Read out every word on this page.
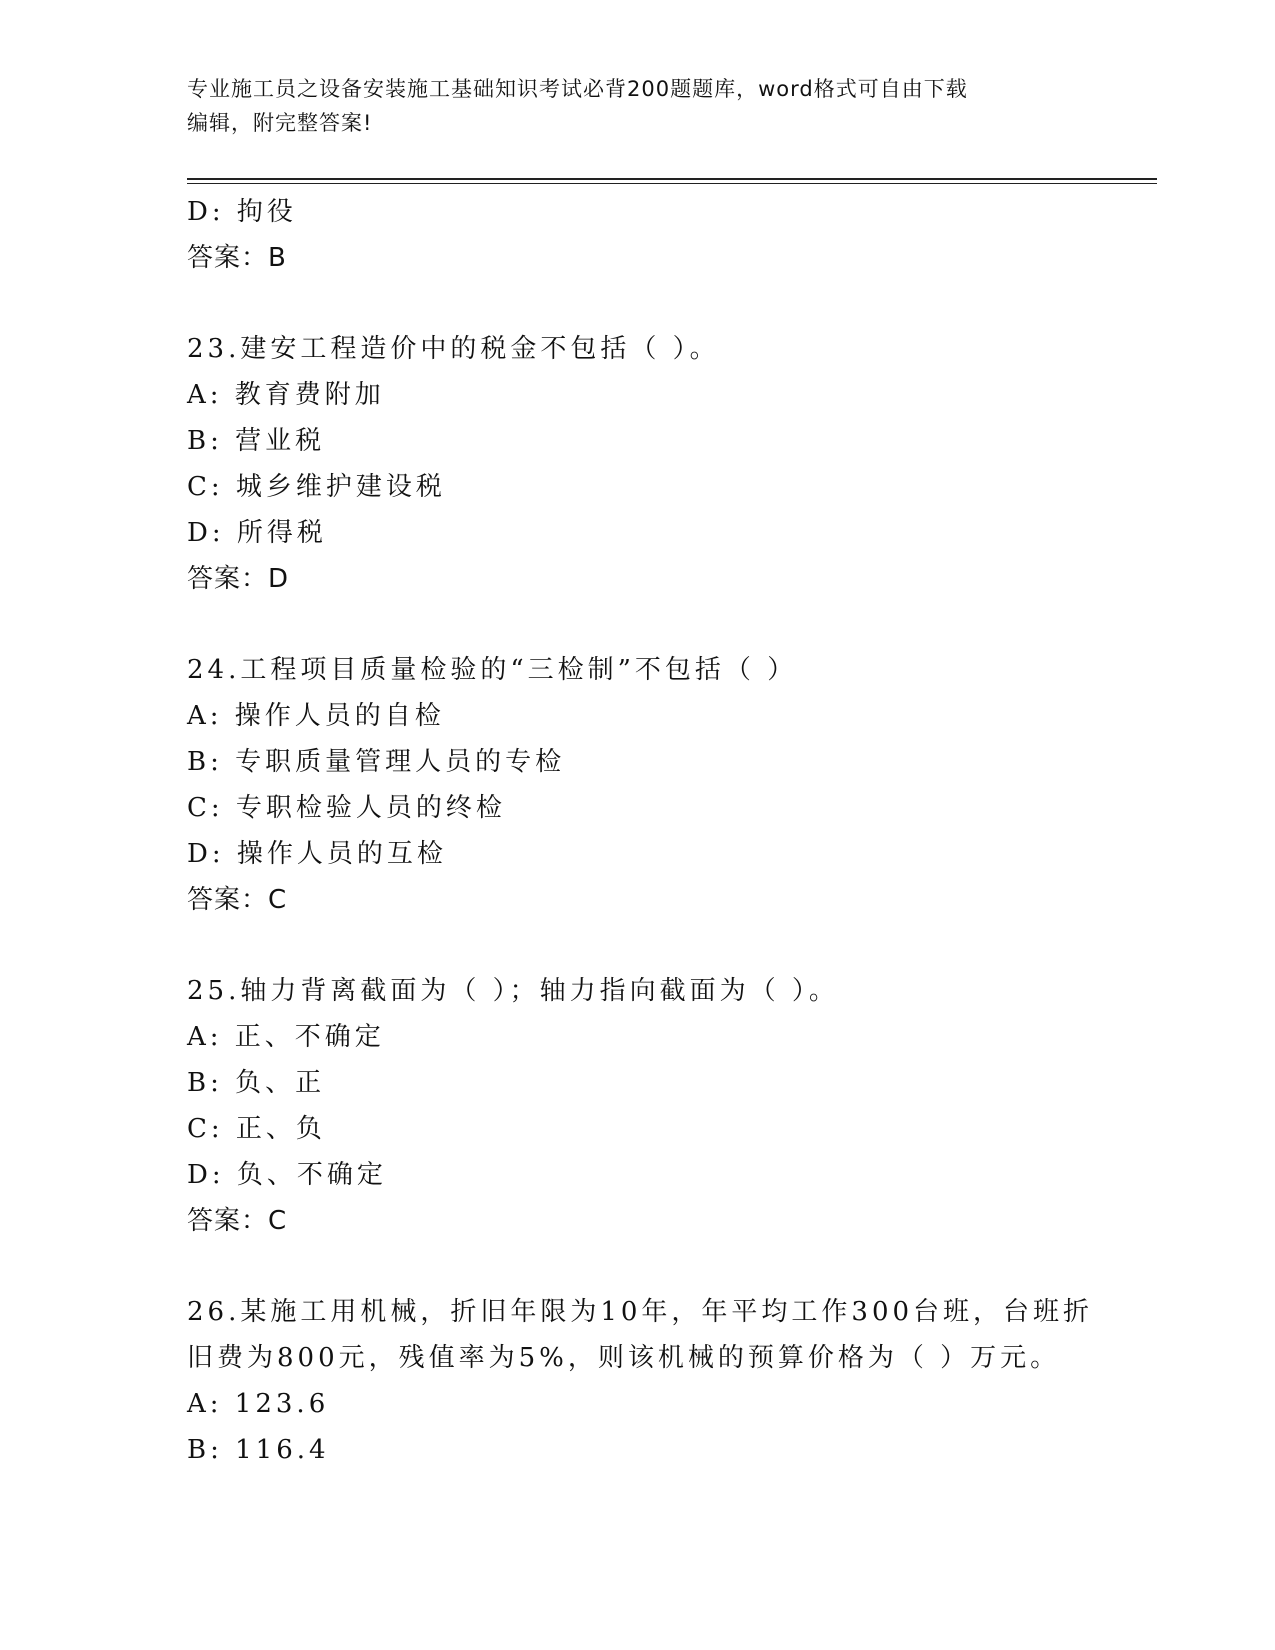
专业施工员之设备安装施工基础知识考试必背200题题库，word格式可自由下载
编辑，附完整答案!
D: 拘役
答案：B
23.建安工程造价中的税金不包括（ ）。
A: 教育费附加
B: 营业税
C: 城乡维护建设税
D: 所得税
答案：D
24.工程项目质量检验的“三检制”不包括（ ）
A: 操作人员的自检
B: 专职质量管理人员的专检
C: 专职检验人员的终检
D: 操作人员的互检
答案：C
25.轴力背离截面为（ ）；轴力指向截面为（ ）。
A: 正、不确定
B: 负、正
C: 正、负
D: 负、不确定
答案：C
26.某施工用机械，折旧年限为10年，年平均工作300台班，台班折
旧费为800元，残值率为5%，则该机械的预算价格为（ ）万元。
A: 123.6
B: 116.4
